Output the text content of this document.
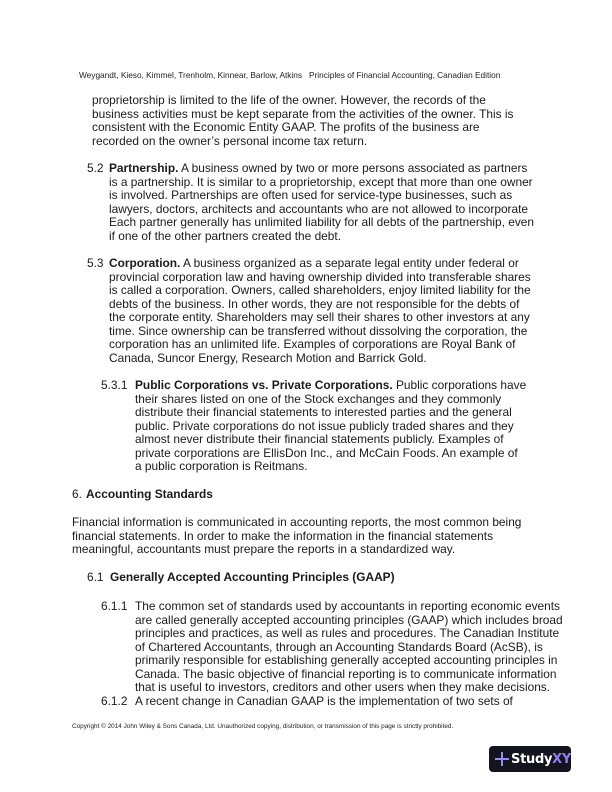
Weygandt, Kieso, Kimmel, Trenholm, Kinnear, Barlow, Atkins Principles of Financial Accounting, Canadian Edition
proprietorship is limited to the life of the owner. However, the records of the
business activities must be kept separate from the activities of the owner. This is
consistent with the Economic Entity GAAP. The profits of the business are
recorded on the owner’s personal income tax return.
5.2 Partnership. A business owned by two or more persons associated as partners
is a partnership. It is similar to a proprietorship, except that more than one owner
is involved. Partnerships are often used for service-type businesses, such as
lawyers, doctors, architects and accountants who are not allowed to incorporate
Each partner generally has unlimited liability for all debts of the partnership, even
if one of the other partners created the debt.
5.3 Corporation. A business organized as a separate legal entity under federal or
provincial corporation law and having ownership divided into transferable shares
is called a corporation. Owners, called shareholders, enjoy limited liability for the
debts of the business. In other words, they are not responsible for the debts of
the corporate entity. Shareholders may sell their shares to other investors at any
time. Since ownership can be transferred without dissolving the corporation, the
corporation has an unlimited life. Examples of corporations are Royal Bank of
Canada, Suncor Energy, Research Motion and Barrick Gold.
5.3.1 Public Corporations vs. Private Corporations. Public corporations have
their shares listed on one of the Stock exchanges and they commonly
distribute their financial statements to interested parties and the general
public. Private corporations do not issue publicly traded shares and they
almost never distribute their financial statements publicly. Examples of
private corporations are EllisDon Inc., and McCain Foods. An example of
a public corporation is Reitmans.
6. Accounting Standards
Financial information is communicated in accounting reports, the most common being
financial statements. In order to make the information in the financial statements
meaningful, accountants must prepare the reports in a standardized way.
6.1 Generally Accepted Accounting Principles (GAAP)
6.1.1 The common set of standards used by accountants in reporting economic events
are called generally accepted accounting principles (GAAP) which includes broad
principles and practices, as well as rules and procedures. The Canadian Institute
of Chartered Accountants, through an Accounting Standards Board (AcSB), is
primarily responsible for establishing generally accepted accounting principles in
Canada. The basic objective of financial reporting is to communicate information
that is useful to investors, creditors and other users when they make decisions.
6.1.2 A recent change in Canadian GAAP is the implementation of two sets of
Copyright © 2014 John Wiley & Sons Canada, Ltd. Unauthorized copying, distribution, or transmission of this page is strictly prohibited.
StudyXY
